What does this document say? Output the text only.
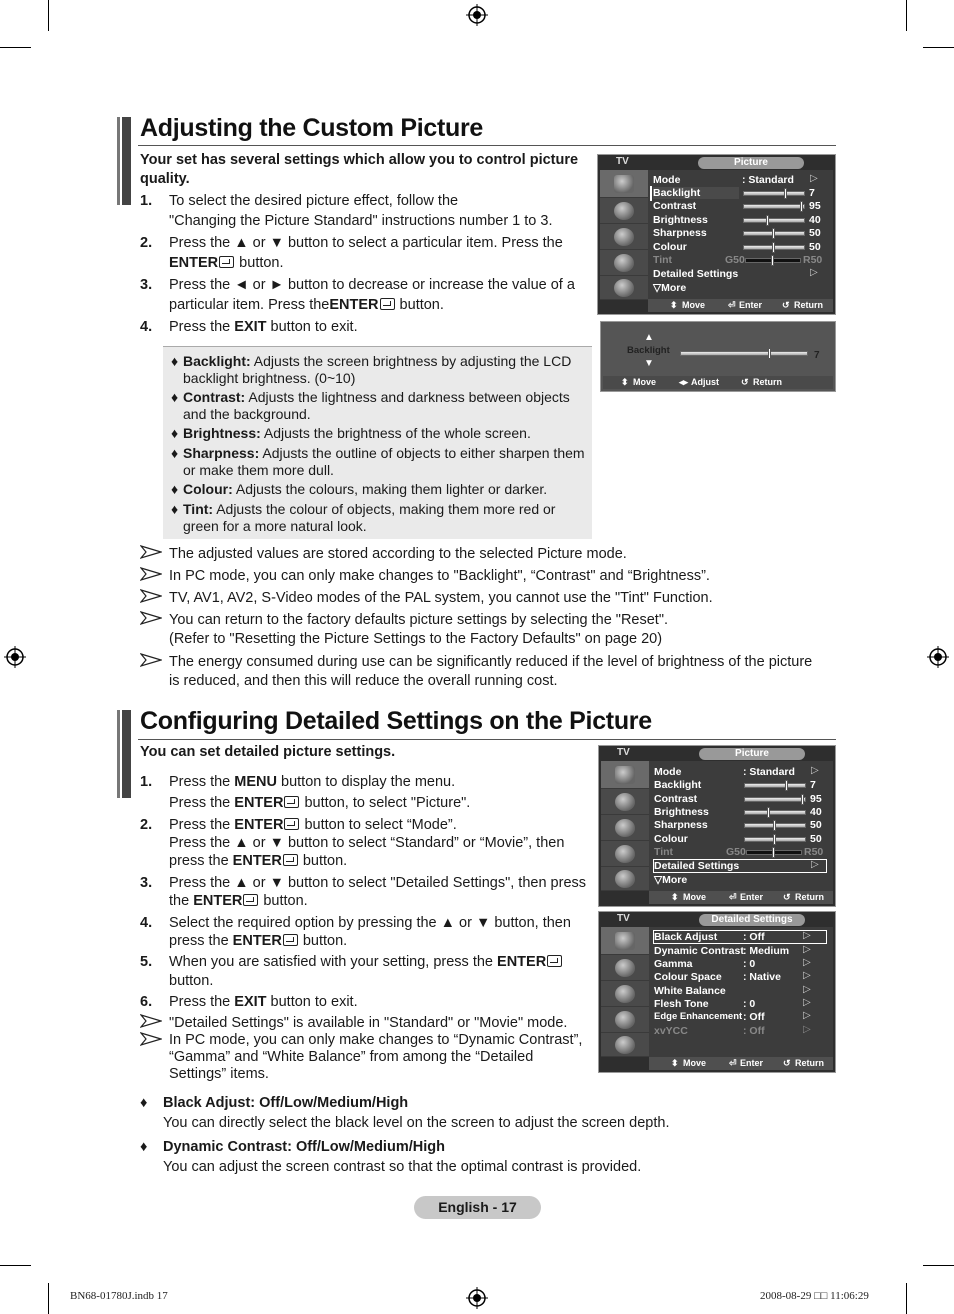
Adjusting the Custom Picture
Your set has several settings which allow you to control picture quality.
1. To select the desired picture effect, follow the
"Changing the Picture Standard" instructions number 1 to 3.
2. Press the ▲ or ▼ button to select a particular item. Press the
ENTER button.
3. Press the ◄ or ► button to decrease or increase the value of a
particular item. Press theENTER button.
4. Press the EXIT button to exit.
♦ Backlight: Adjusts the screen brightness by adjusting the LCD
backlight brightness. (0~10)
♦ Contrast: Adjusts the lightness and darkness between objects
and the background.
♦ Brightness: Adjusts the brightness of the whole screen.
♦ Sharpness: Adjusts the outline of objects to either sharpen them
or make them more dull.
♦ Colour: Adjusts the colours, making them lighter or darker.
♦ Tint: Adjusts the colour of objects, making them more red or
green for a more natural look.
The adjusted values are stored according to the selected Picture mode.
In PC mode, you can only make changes to "Backlight", “Contrast" and “Brightness”.
TV, AV1, AV2, S-Video modes of the PAL system, you cannot use the "Tint" Function.
You can return to the factory defaults picture settings by selecting the "Reset".
(Refer to "Resetting the Picture Settings to the Factory Defaults" on page 20)
The energy consumed during use can be significantly reduced if the level of brightness of the picture
is reduced, and then this will reduce the overall running cost.
TV	Picture
Mode	: Standard ▷
Backlight	7
Contrast	95
Brightness	40
Sharpness	50
Colour	50
Tint	G50	R50
Detailed Settings	▷
▽More
⬍ Move	⏎ Enter ↺ Return
▲
Backlight
▼
7
⬍ Move	◂▸ Adjust ↺ Return
Configuring Detailed Settings on the Picture
You can set detailed picture settings.
1. Press the MENU button to display the menu.
Press the ENTER button, to select "Picture".
2. Press the ENTER button to select “Mode”.
Press the ▲ or ▼ button to select “Standard” or “Movie”, then
press the ENTER button.
3. Press the ▲ or ▼ button to select "Detailed Settings", then press
the ENTER button.
4. Select the required option by pressing the ▲ or ▼ button, then
press the ENTER button.
5. When you are satisfied with your setting, press the ENTER
button.
6. Press the EXIT button to exit.
"Detailed Settings" is available in "Standard" or "Movie" mode.
In PC mode, you can only make changes to “Dynamic Contrast”,
“Gamma” and “White Balance” from among the “Detailed
Settings” items.
♦ Black Adjust: Off/Low/Medium/High
You can directly select the black level on the screen to adjust the screen depth.
♦ Dynamic Contrast: Off/Low/Medium/High
You can adjust the screen contrast so that the optimal contrast is provided.
TV	Picture
Mode	: Standard ▷
Backlight	7
Contrast	95
Brightness	40
Sharpness	50
Colour	50
Tint	G50	R50
Detailed Settings	▷
▽More
⬍ Move	⏎ Enter ↺ Return
TV	Detailed Settings
Black Adjust	: Off	▷
Dynamic Contrast : Medium ▷
Gamma	: 0	▷
Colour Space : Native ▷
White Balance	▷
Flesh Tone	: 0	▷
Edge Enhancement : Off	▷
xvYCC	: Off	▷
⬍ Move	⏎ Enter ↺ Return
English - 17
BN68-01780J.indb 17	2008-08-29 □□ 11:06:29
